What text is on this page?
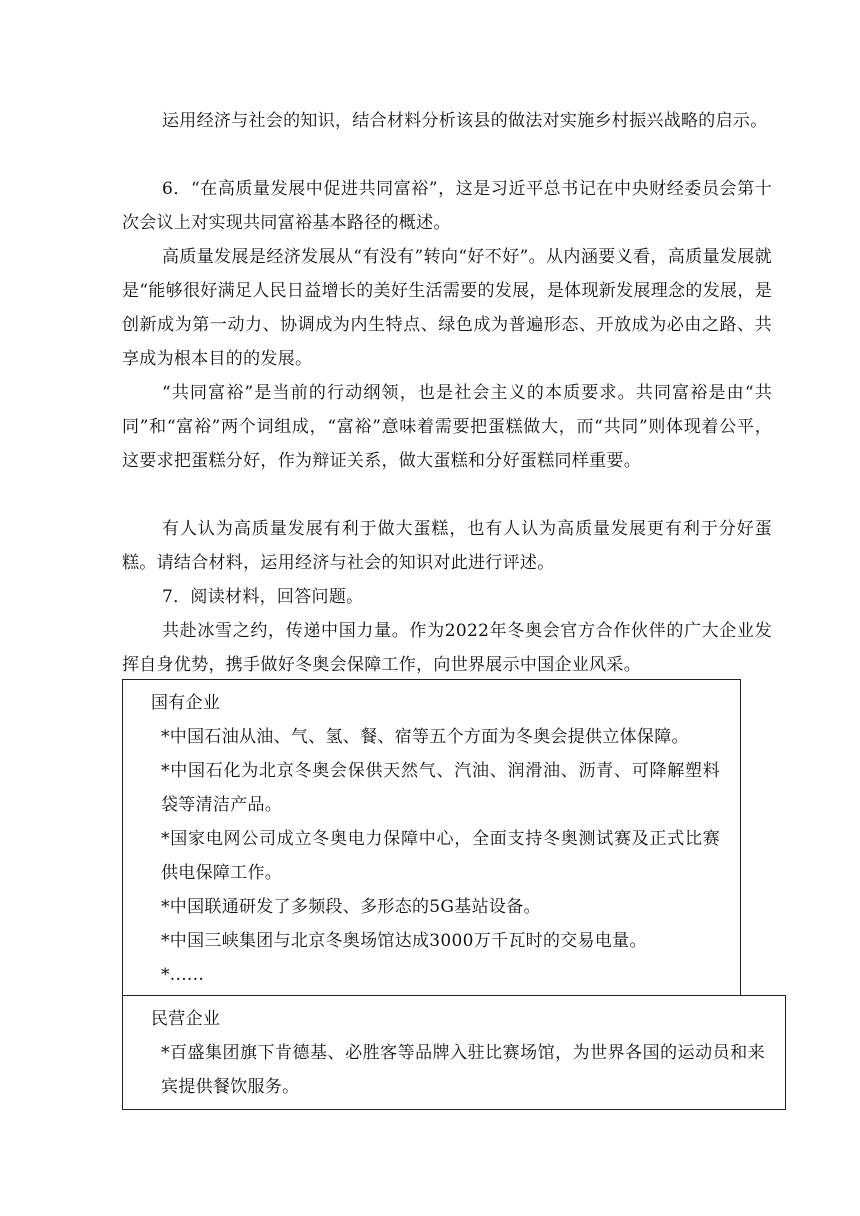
运用经济与社会的知识，结合材料分析该县的做法对实施乡村振兴战略的启示。

6．“在高质量发展中促进共同富裕”，这是习近平总书记在中央财经委员会第十次会议上对实现共同富裕基本路径的概述。

高质量发展是经济发展从“有没有”转向“好不好”。从内涵要义看，高质量发展就是“能够很好满足人民日益增长的美好生活需要的发展，是体现新发展理念的发展，是创新成为第一动力、协调成为内生特点、绿色成为普遍形态、开放成为必由之路、共享成为根本目的的发展。

“共同富裕”是当前的行动纲领，也是社会主义的本质要求。共同富裕是由“共同”和“富裕”两个词组成，“富裕”意味着需要把蛋糕做大，而“共同”则体现着公平，这要求把蛋糕分好，作为辩证关系，做大蛋糕和分好蛋糕同样重要。

有人认为高质量发展有利于做大蛋糕，也有人认为高质量发展更有利于分好蛋糕。请结合材料，运用经济与社会的知识对此进行评述。

7．阅读材料，回答问题。

共赴冰雪之约，传递中国力量。作为2022年冬奥会官方合作伙伴的广大企业发挥自身优势，携手做好冬奥会保障工作，向世界展示中国企业风采。

国有企业

*中国石油从油、气、氢、餐、宿等五个方面为冬奥会提供立体保障。

*中国石化为北京冬奥会保供天然气、汽油、润滑油、沥青、可降解塑料袋等清洁产品。

*国家电网公司成立冬奥电力保障中心，全面支持冬奥测试赛及正式比赛供电保障工作。

*中国联通研发了多频段、多形态的5G基站设备。

*中国三峡集团与北京冬奥场馆达成3000万千瓦时的交易电量。

*......

民营企业

*百盛集团旗下肯德基、必胜客等品牌入驻比赛场馆，为世界各国的运动员和来宾提供餐饮服务。
